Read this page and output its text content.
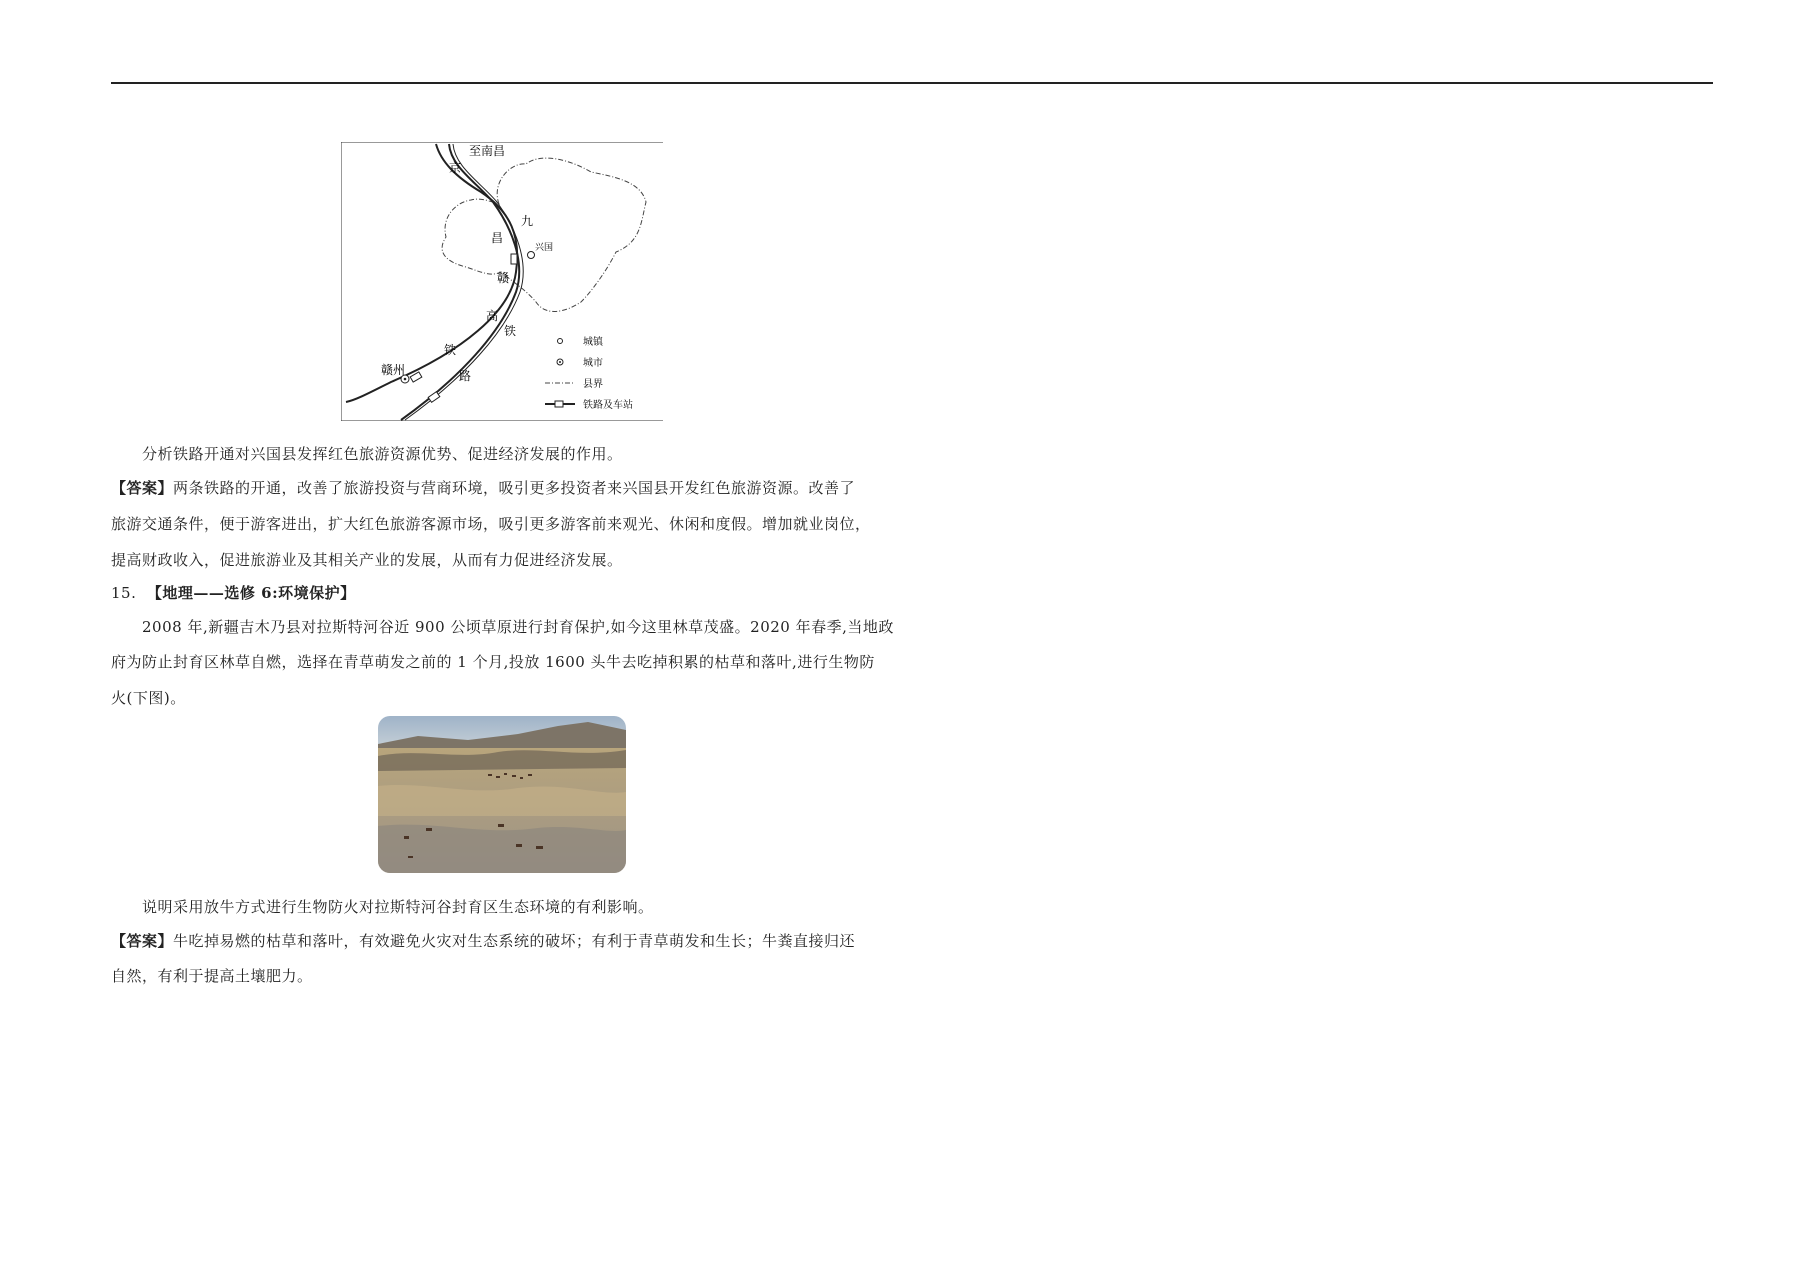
至南昌
京
九
昌
兴国
赣
高
铁
铁
路
赣州
城镇
城市
县界
铁路及车站
分析铁路开通对兴国县发挥红色旅游资源优势、促进经济发展的作用。
【答案】两条铁路的开通，改善了旅游投资与营商环境，吸引更多投资者来兴国县开发红色旅游资源。改善了
旅游交通条件，便于游客进出，扩大红色旅游客源市场，吸引更多游客前来观光、休闲和度假。增加就业岗位，
提高财政收入，促进旅游业及其相关产业的发展，从而有力促进经济发展。
15. 【地理——选修 6:环境保护】
2008 年,新疆吉木乃县对拉斯特河谷近 900 公顷草原进行封育保护,如今这里林草茂盛。2020 年春季,当地政
府为防止封育区林草自燃，选择在青草萌发之前的 1 个月,投放 1600 头牛去吃掉积累的枯草和落叶,进行生物防
火(下图)。
说明采用放牛方式进行生物防火对拉斯特河谷封育区生态环境的有利影响。
【答案】牛吃掉易燃的枯草和落叶，有效避免火灾对生态系统的破坏；有利于青草萌发和生长；牛粪直接归还
自然，有利于提高土壤肥力。
